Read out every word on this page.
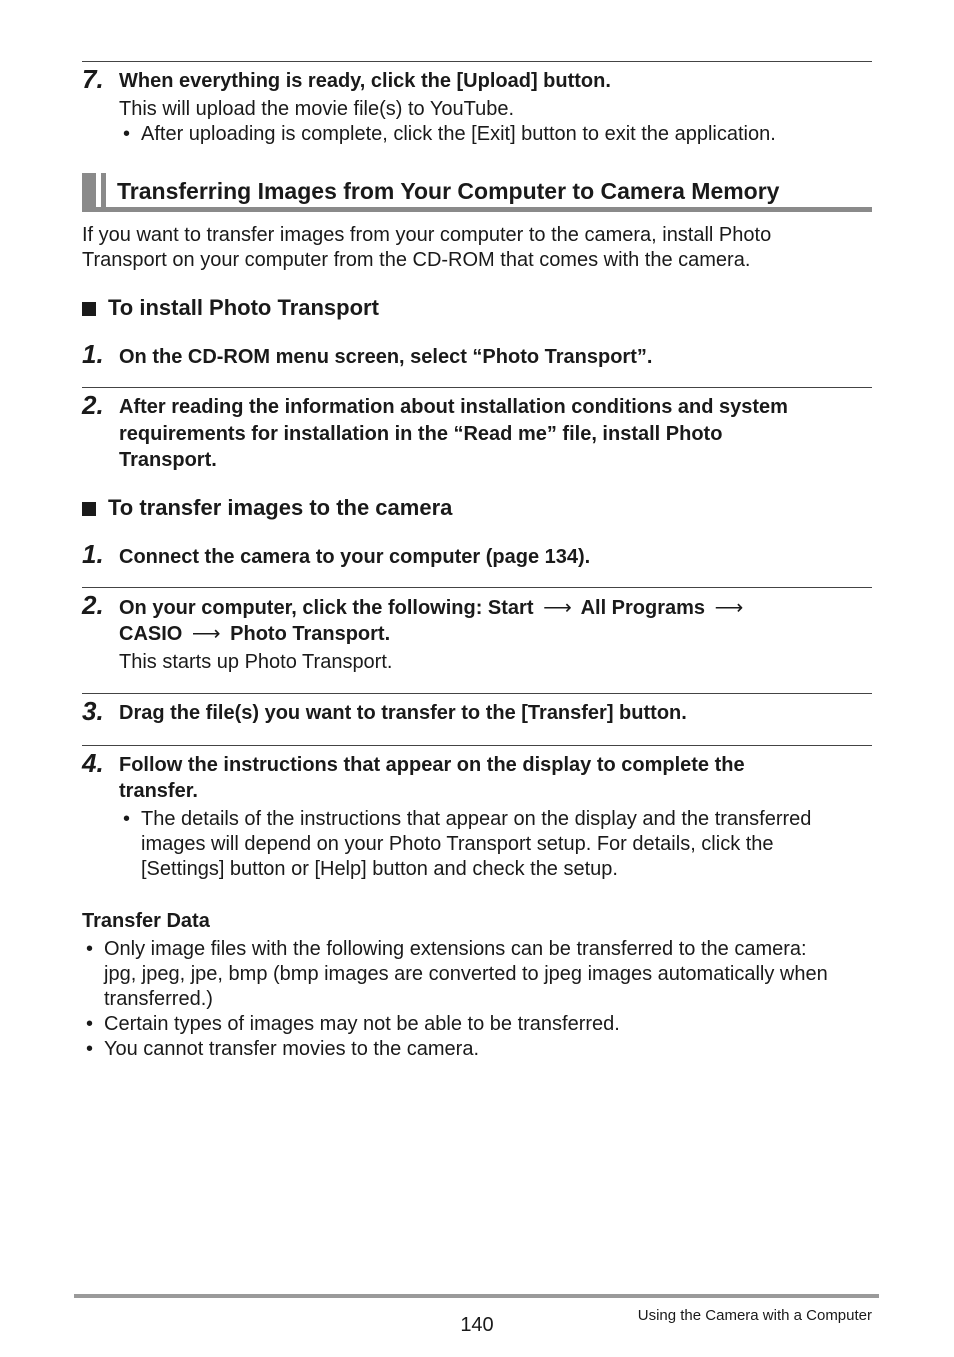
7. When everything is ready, click the [Upload] button.
This will upload the movie file(s) to YouTube.
• After uploading is complete, click the [Exit] button to exit the application.
Transferring Images from Your Computer to Camera Memory
If you want to transfer images from your computer to the camera, install Photo
Transport on your computer from the CD-ROM that comes with the camera.
To install Photo Transport
1. On the CD-ROM menu screen, select “Photo Transport”.
2. After reading the information about installation conditions and system
requirements for installation in the “Read me” file, install Photo
Transport.
To transfer images to the camera
1. Connect the camera to your computer (page 134).
2. On your computer, click the following: Start ⟶ All Programs ⟶
CASIO ⟶ Photo Transport.
This starts up Photo Transport.
3. Drag the file(s) you want to transfer to the [Transfer] button.
4. Follow the instructions that appear on the display to complete the
transfer.
• The details of the instructions that appear on the display and the transferred
images will depend on your Photo Transport setup. For details, click the
[Settings] button or [Help] button and check the setup.
Transfer Data
• Only image files with the following extensions can be transferred to the camera:
jpg, jpeg, jpe, bmp (bmp images are converted to jpeg images automatically when
transferred.)
• Certain types of images may not be able to be transferred.
• You cannot transfer movies to the camera.
140	Using the Camera with a Computer
